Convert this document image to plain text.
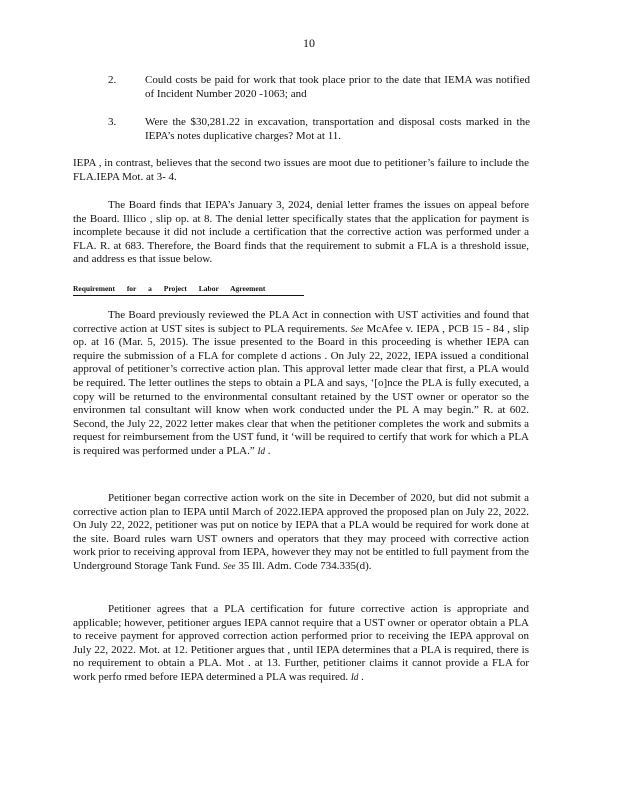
10
2.	Could costs be paid for work that took place prior to the date that IEMA was notified of Incident Number 2020 -1063; and
3.	Were the $30,281.22 in excavation, transportation and disposal costs marked in the IEPA’s notes duplicative charges? Mot at 11.
IEPA , in contrast, believes that the second two issues are moot due to petitioner’s failure to include the FLA.IEPA Mot. at 3- 4.
The Board finds that IEPA’s January 3, 2024, denial letter frames the issues on appeal before the Board. Illico , slip op. at 8. The denial letter specifically states that the application for payment is incomplete because it did not include a certification that the corrective action was performed under a FLA. R. at 683. Therefore, the Board finds that the requirement to submit a FLA is a threshold issue, and address es that issue below.
Requirement for a Project Labor Agreement
The Board previously reviewed the PLA Act in connection with UST activities and found that corrective action at UST sites is subject to PLA requirements. See McAfee v. IEPA , PCB 15 - 84 , slip op. at 16 (Mar. 5, 2015). The issue presented to the Board in this proceeding is whether IEPA can require the submission of a FLA for complete d actions . On July 22, 2022, IEPA issued a conditional approval of petitioner’s corrective action plan. This approval letter made clear that first, a PLA would be required. The letter outlines the steps to obtain a PLA and says, ‘[o]nce the PLA is fully executed, a copy will be returned to the environmental consultant retained by the UST owner or operator so the environmen tal consultant will know when work conducted under the PL A may begin.” R. at 602. Second, the July 22, 2022 letter makes clear that when the petitioner completes the work and submits a request for reimbursement from the UST fund, it ‘will be required to certify that work for which a PLA is required was performed under a PLA.” Id .
Petitioner began corrective action work on the site in December of 2020, but did not submit a corrective action plan to IEPA until March of 2022.IEPA approved the proposed plan on July 22, 2022. On July 22, 2022, petitioner was put on notice by IEPA that a PLA would be required for work done at the site. Board rules warn UST owners and operators that they may proceed with corrective action work prior to receiving approval from IEPA, however they may not be entitled to full payment from the Underground Storage Tank Fund. See 35 Ill. Adm. Code 734.335(d).
Petitioner agrees that a PLA certification for future corrective action is appropriate and applicable; however, petitioner argues IEPA cannot require that a UST owner or operator obtain a PLA to receive payment for approved correction action performed prior to receiving the IEPA approval on July 22, 2022. Mot. at 12. Petitioner argues that , until IEPA determines that a PLA is required, there is no requirement to obtain a PLA. Mot . at 13. Further, petitioner claims it cannot provide a FLA for work perfo rmed before IEPA determined a PLA was required. Id .
